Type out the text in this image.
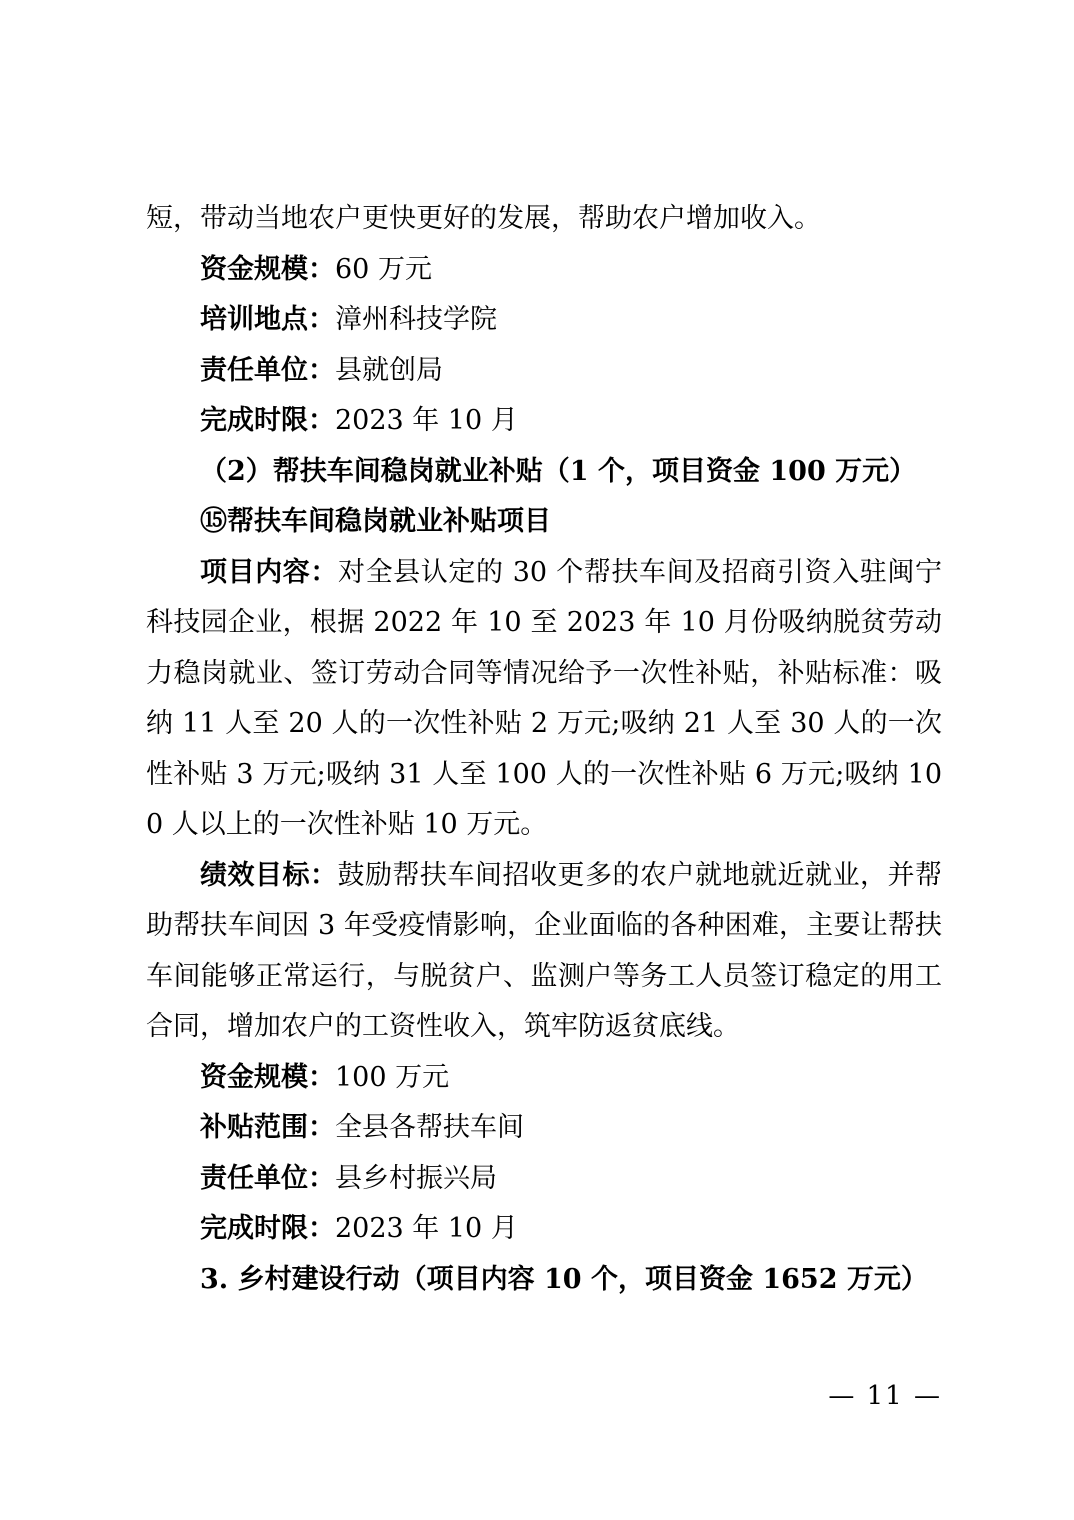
短，带动当地农户更快更好的发展，帮助农户增加收入。

资金规模：60 万元

培训地点：漳州科技学院

责任单位：县就创局

完成时限：2023 年 10 月

（2）帮扶车间稳岗就业补贴（1 个，项目资金 100 万元）

⑮帮扶车间稳岗就业补贴项目

项目内容：对全县认定的 30 个帮扶车间及招商引资入驻闽宁科技园企业，根据 2022 年 10 至 2023 年 10 月份吸纳脱贫劳动力稳岗就业、签订劳动合同等情况给予一次性补贴，补贴标准：吸纳 11 人至 20 人的一次性补贴 2 万元;吸纳 21 人至 30 人的一次性补贴 3 万元;吸纳 31 人至 100 人的一次性补贴 6 万元;吸纳 100 人以上的一次性补贴 10 万元。

绩效目标：鼓励帮扶车间招收更多的农户就地就近就业，并帮助帮扶车间因 3 年受疫情影响，企业面临的各种困难，主要让帮扶车间能够正常运行，与脱贫户、监测户等务工人员签订稳定的用工合同，增加农户的工资性收入，筑牢防返贫底线。

资金规模：100 万元

补贴范围：全县各帮扶车间

责任单位：县乡村振兴局

完成时限：2023 年 10 月

3. 乡村建设行动（项目内容 10 个，项目资金 1652 万元）

— 11 —
